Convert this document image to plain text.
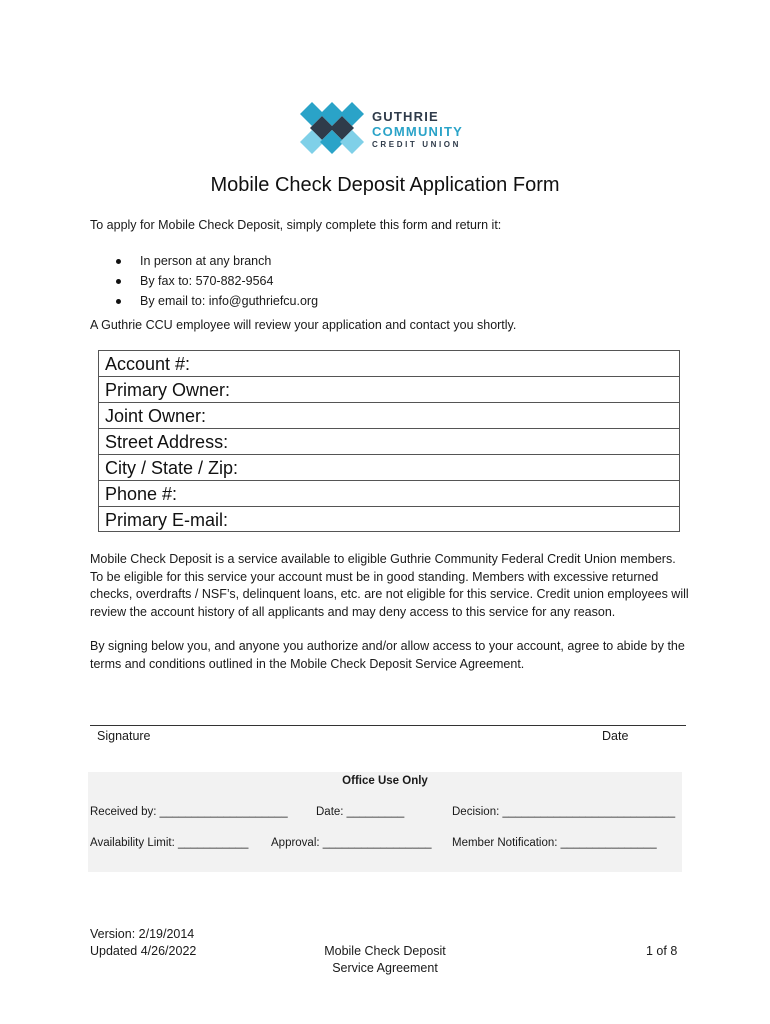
GUTHRIE
COMMUNITY
CREDIT UNION
Mobile Check Deposit Application Form
To apply for Mobile Check Deposit, simply complete this form and return it:
In person at any branch
By fax to: 570-882-9564
By email to: info@guthriefcu.org
A Guthrie CCU employee will review your application and contact you shortly.
Account #:
Primary Owner:
Joint Owner:
Street Address:
City / State / Zip:
Phone #:
Primary E-mail:
Mobile Check Deposit is a service available to eligible Guthrie Community Federal Credit Union members. To be eligible for this service your account must be in good standing. Members with excessive returned checks, overdrafts / NSF’s, delinquent loans, etc. are not eligible for this service. Credit union employees will review the account history of all applicants and may deny access to this service for any reason.
By signing below you, and anyone you authorize and/or allow access to your account, agree to abide by the terms and conditions outlined in the Mobile Check Deposit Service Agreement.
Signature	Date
Office Use Only
Received by: ____________________ Date: _________	Decision: ___________________________
Availability Limit: ___________ Approval: _________________ Member Notification: _______________
Version: 2/19/2014
Updated 4/26/2022	Mobile Check Deposit
Service Agreement
1 of 8
